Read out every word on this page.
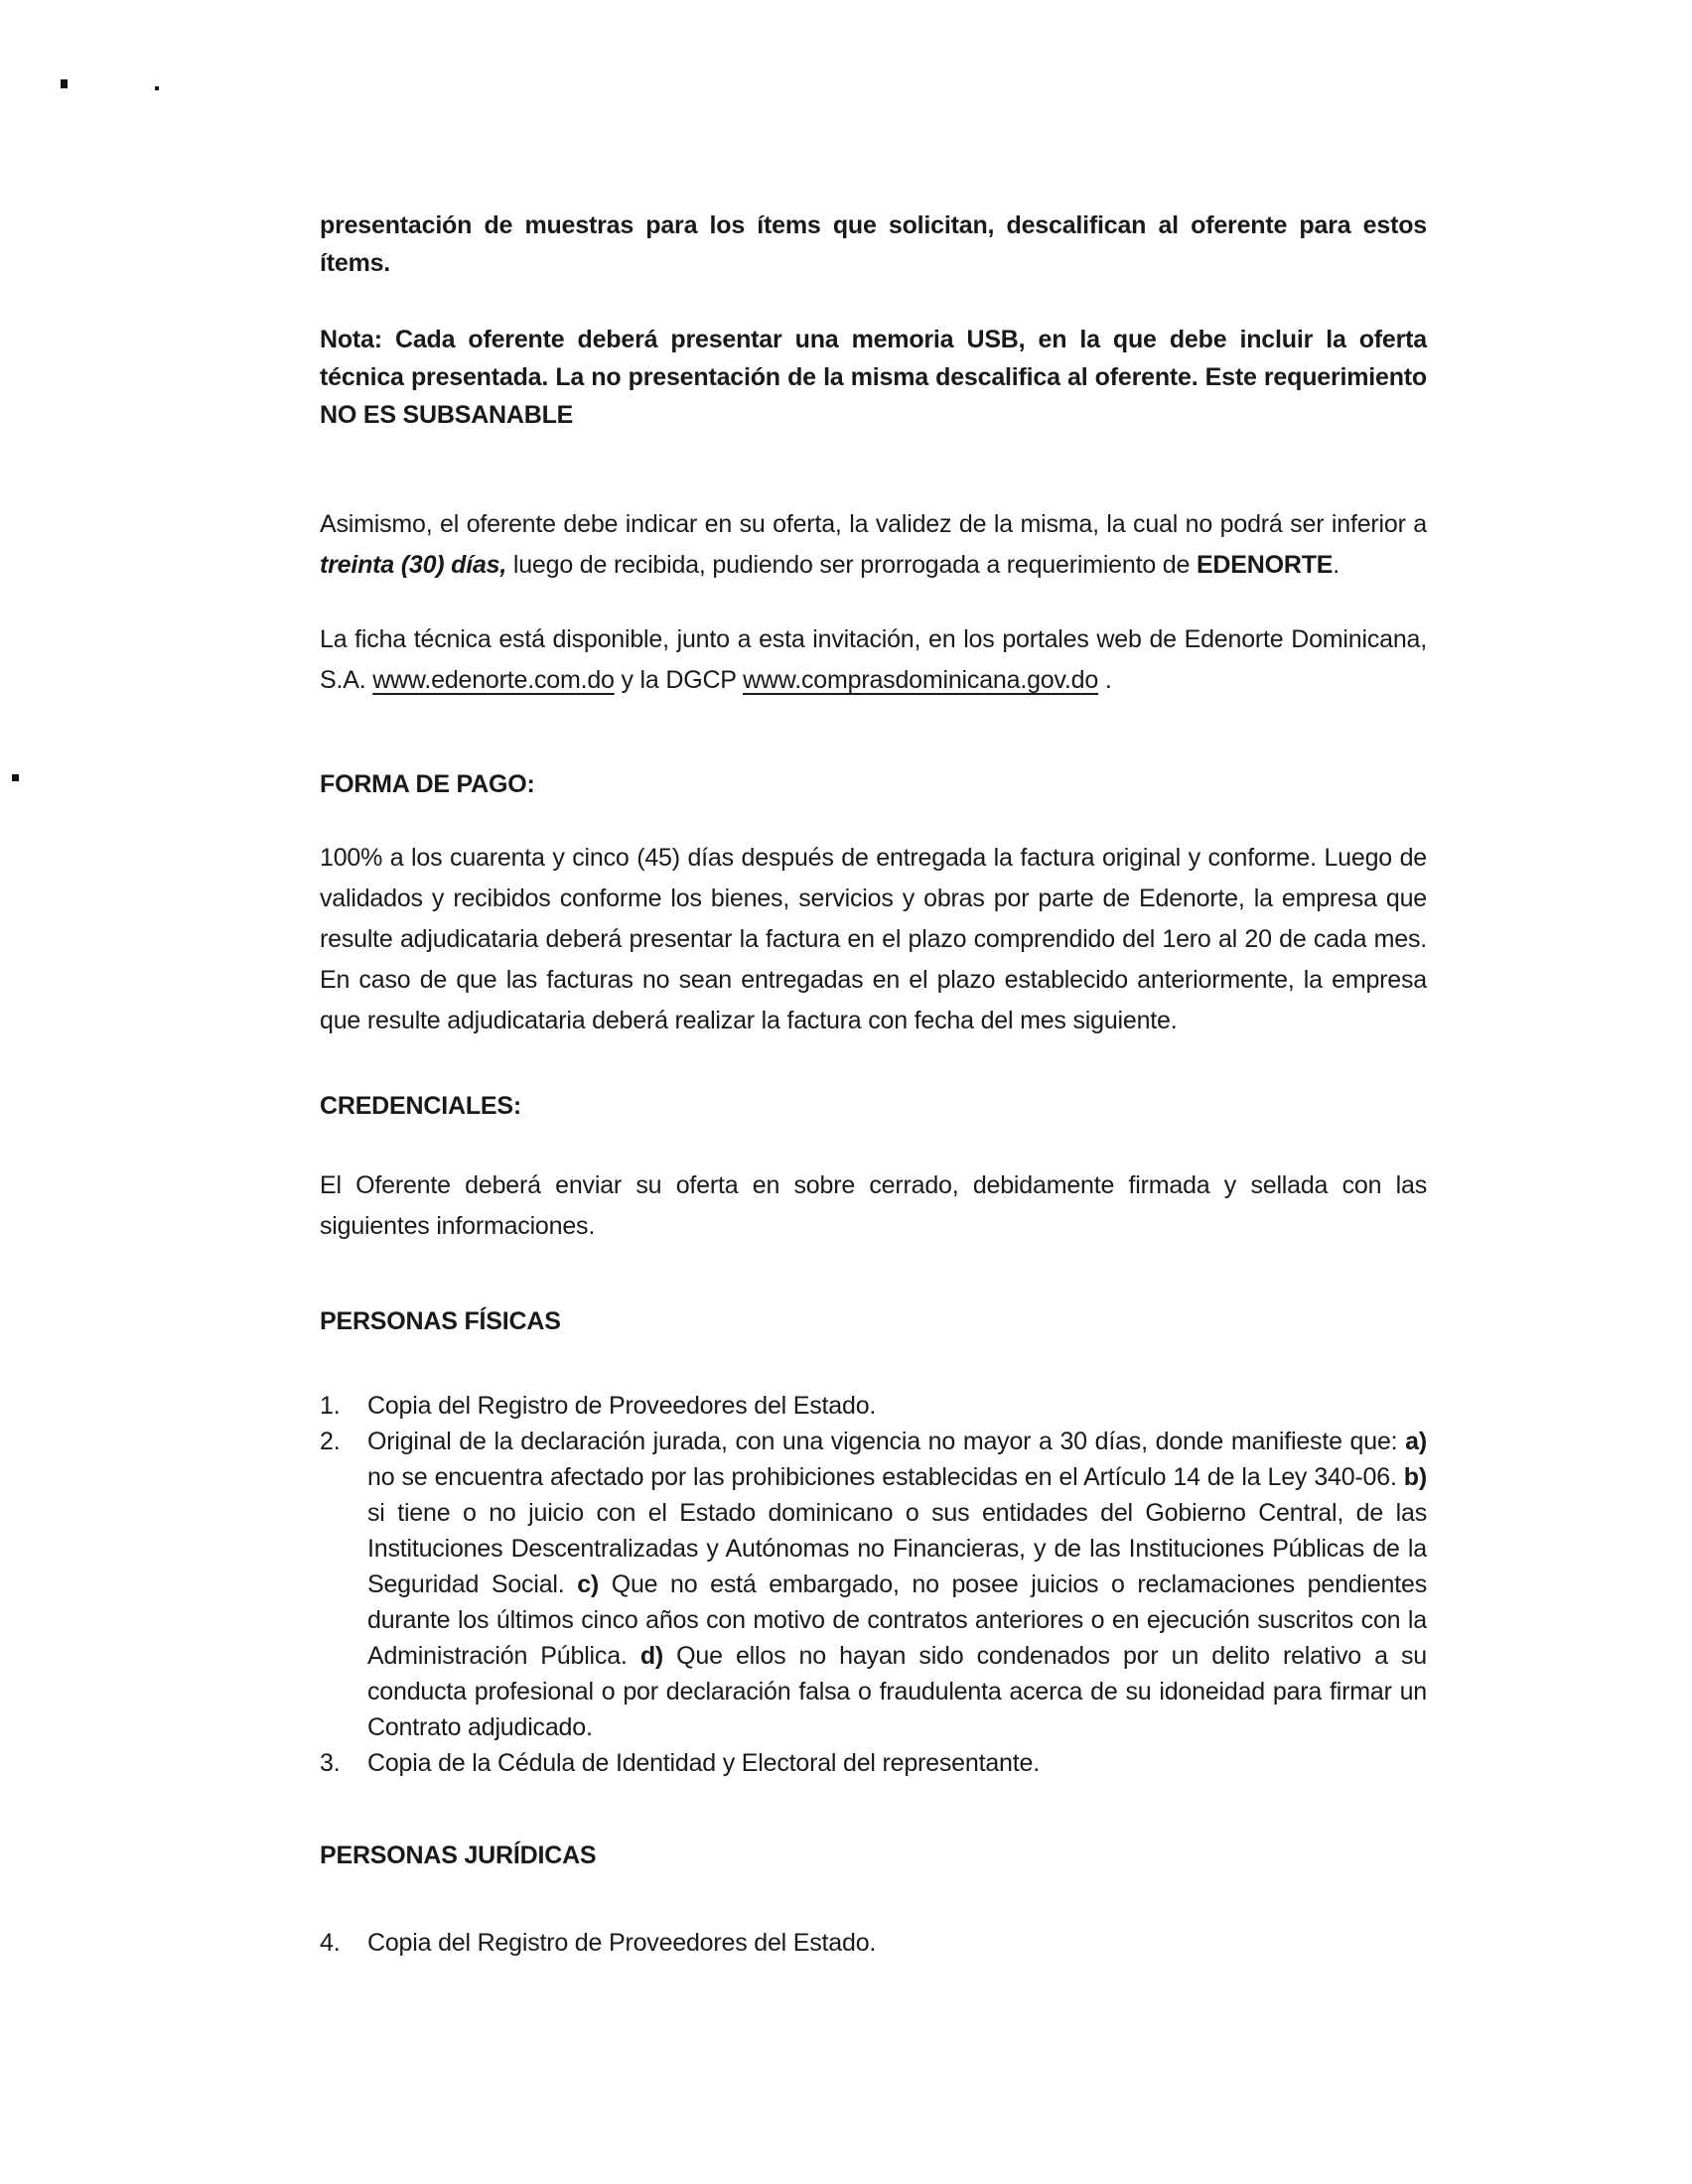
presentación de muestras para los ítems que solicitan, descalifican al oferente para estos ítems.

Nota: Cada oferente deberá presentar una memoria USB, en la que debe incluir la oferta técnica presentada. La no presentación de la misma descalifica al oferente. Este requerimiento NO ES SUBSANABLE

Asimismo, el oferente debe indicar en su oferta, la validez de la misma, la cual no podrá ser inferior a treinta (30) días, luego de recibida, pudiendo ser prorrogada a requerimiento de EDENORTE.

La ficha técnica está disponible, junto a esta invitación, en los portales web de Edenorte Dominicana, S.A. www.edenorte.com.do y la DGCP www.comprasdominicana.gov.do .

FORMA DE PAGO:

100% a los cuarenta y cinco (45) días después de entregada la factura original y conforme. Luego de validados y recibidos conforme los bienes, servicios y obras por parte de Edenorte, la empresa que resulte adjudicataria deberá presentar la factura en el plazo comprendido del 1ero al 20 de cada mes. En caso de que las facturas no sean entregadas en el plazo establecido anteriormente, la empresa que resulte adjudicataria deberá realizar la factura con fecha del mes siguiente.

CREDENCIALES:

El Oferente deberá enviar su oferta en sobre cerrado, debidamente firmada y sellada con las siguientes informaciones.

PERSONAS FÍSICAS
1.	Copia del Registro de Proveedores del Estado.
2.	Original de la declaración jurada, con una vigencia no mayor a 30 días, donde manifieste que: a) no se encuentra afectado por las prohibiciones establecidas en el Artículo 14 de la Ley 340-06. b) si tiene o no juicio con el Estado dominicano o sus entidades del Gobierno Central, de las Instituciones Descentralizadas y Autónomas no Financieras, y de las Instituciones Públicas de la Seguridad Social. c) Que no está embargado, no posee juicios o reclamaciones pendientes durante los últimos cinco años con motivo de contratos anteriores o en ejecución suscritos con la Administración Pública. d) Que ellos no hayan sido condenados por un delito relativo a su conducta profesional o por declaración falsa o fraudulenta acerca de su idoneidad para firmar un Contrato adjudicado.
3.	Copia de la Cédula de Identidad y Electoral del representante.
PERSONAS JURÍDICAS
4.	Copia del Registro de Proveedores del Estado.
